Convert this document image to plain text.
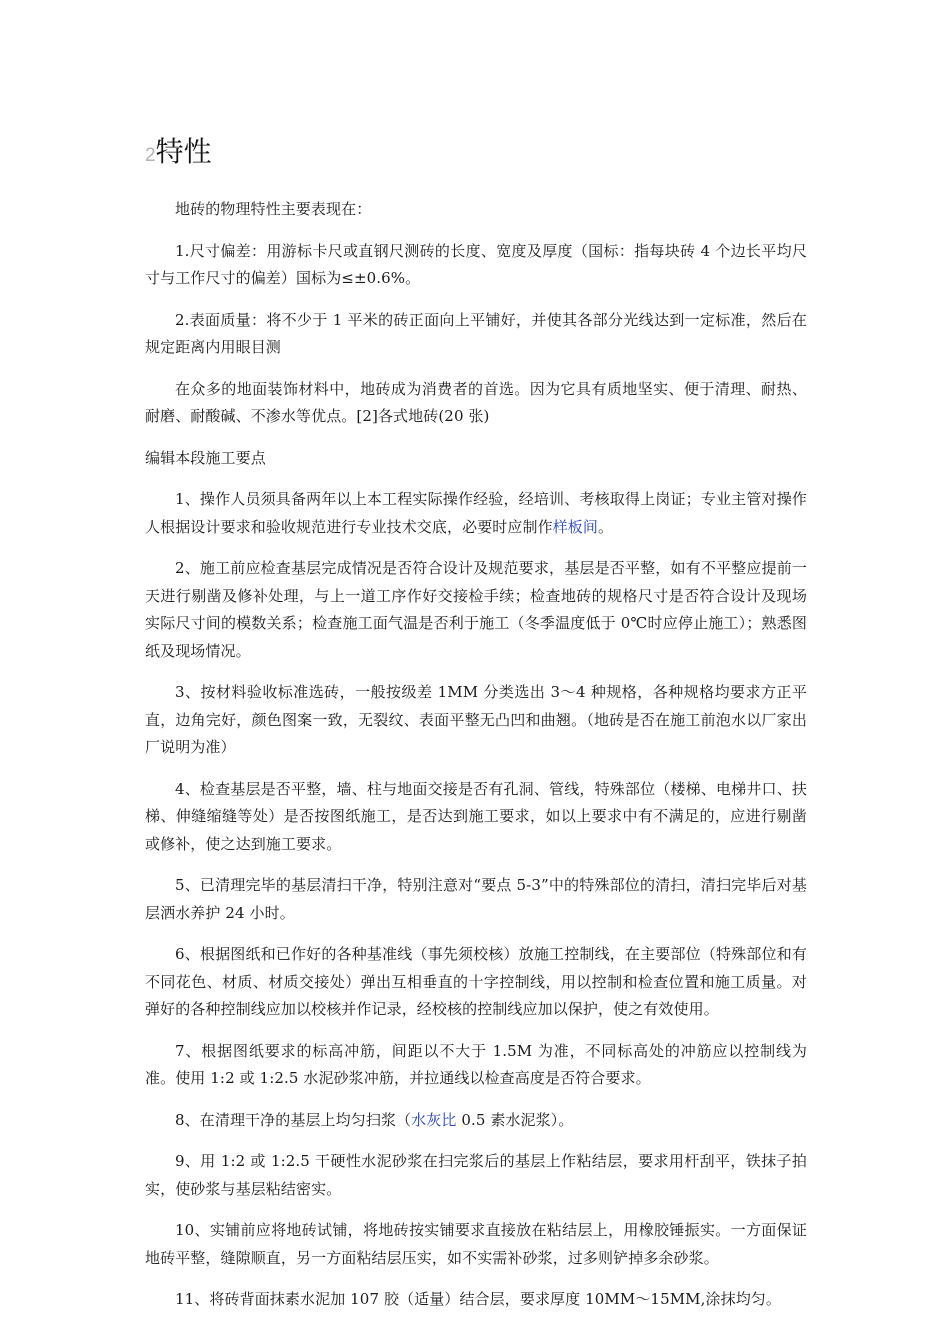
2特性

地砖的物理特性主要表现在：

1.尺寸偏差：用游标卡尺或直钢尺测砖的长度、宽度及厚度（国标：指每块砖 4 个边长平均尺寸与工作尺寸的偏差）国标为≤±0.6%。

2.表面质量：将不少于 1 平米的砖正面向上平铺好，并使其各部分光线达到一定标准，然后在规定距离内用眼目测

在众多的地面装饰材料中，地砖成为消费者的首选。因为它具有质地坚实、便于清理、耐热、耐磨、耐酸碱、不渗水等优点。[2]各式地砖(20 张)

编辑本段施工要点

1、操作人员须具备两年以上本工程实际操作经验，经培训、考核取得上岗证；专业主管对操作人根据设计要求和验收规范进行专业技术交底，必要时应制作样板间。

2、施工前应检查基层完成情况是否符合设计及规范要求，基层是否平整，如有不平整应提前一天进行剔凿及修补处理，与上一道工序作好交接检手续；检查地砖的规格尺寸是否符合设计及现场实际尺寸间的模数关系；检查施工面气温是否利于施工（冬季温度低于 0℃时应停止施工）；熟悉图纸及现场情况。

3、按材料验收标准选砖，一般按级差 1MM 分类选出 3～4 种规格，各种规格均要求方正平直，边角完好，颜色图案一致，无裂纹、表面平整无凸凹和曲翘。（地砖是否在施工前泡水以厂家出厂说明为准）

4、检查基层是否平整，墙、柱与地面交接是否有孔洞、管线，特殊部位（楼梯、电梯井口、扶梯、伸缝缩缝等处）是否按图纸施工，是否达到施工要求，如以上要求中有不满足的，应进行剔凿或修补，使之达到施工要求。

5、已清理完毕的基层清扫干净，特别注意对“要点 5-3”中的特殊部位的清扫，清扫完毕后对基层洒水养护 24 小时。

6、根据图纸和已作好的各种基准线（事先须校核）放施工控制线，在主要部位（特殊部位和有不同花色、材质、材质交接处）弹出互相垂直的十字控制线，用以控制和检查位置和施工质量。对弹好的各种控制线应加以校核并作记录，经校核的控制线应加以保护，使之有效使用。

7、根据图纸要求的标高冲筋，间距以不大于 1.5M 为准，不同标高处的冲筋应以控制线为准。使用 1:2 或 1:2.5 水泥砂浆冲筋，并拉通线以检查高度是否符合要求。

8、在清理干净的基层上均匀扫浆（水灰比 0.5 素水泥浆）。

9、用 1:2 或 1:2.5 干硬性水泥砂浆在扫完浆后的基层上作粘结层，要求用杆刮平，铁抹子拍实，使砂浆与基层粘结密实。

10、实铺前应将地砖试铺，将地砖按实铺要求直接放在粘结层上，用橡胶锤振实。一方面保证地砖平整，缝隙顺直，另一方面粘结层压实，如不实需补砂浆，过多则铲掉多余砂浆。

11、将砖背面抹素水泥加 107 胶（适量）结合层，要求厚度 10MM～15MM,涂抹均匀。
